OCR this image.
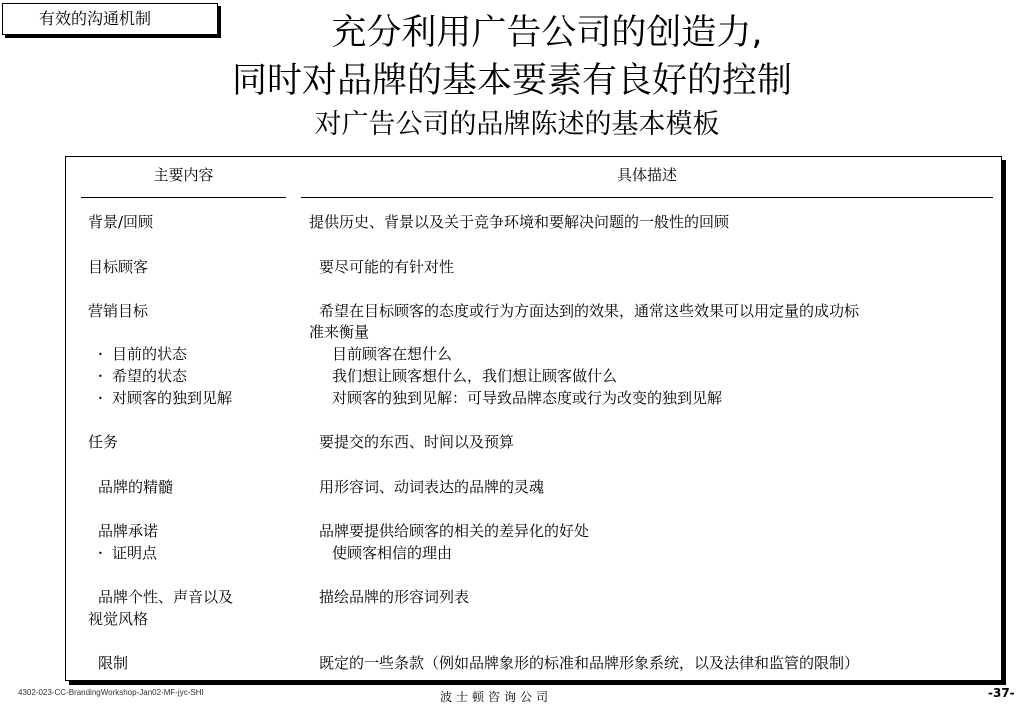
有效的沟通机制	充分利用广告公司的创造力,
同时对品牌的基本要素有良好的控制
对广告公司的品牌陈述的基本模板
主要内容	具体描述
背景/回顾	提供历史、背景以及关于竞争环境和要解决问题的一般性的回顾
目标顾客	要尽可能的有针对性
营销目标	希望在目标顾客的态度或行为方面达到的效果，通常这些效果可以用定量的成功标
准来衡量
• 目前的状态	目前顾客在想什么
• 希望的状态	我们想让顾客想什么，我们想让顾客做什么
• 对顾客的独到见解	对顾客的独到见解：可导致品牌态度或行为改变的独到见解
任务	要提交的东西、时间以及预算
品牌的精髓	用形容词、动词表达的品牌的灵魂
品牌承诺	品牌要提供给顾客的相关的差异化的好处
• 证明点	使顾客相信的理由
品牌个性、声音以及	描绘品牌的形容词列表
视觉风格
限制	既定的一些条款（例如品牌象形的标准和品牌形象系统，以及法律和监管的限制）
4302-023-CC-BrandingWorkshop-Jan02-MF-jyc-SHI	波士顿咨询公司	-37-
